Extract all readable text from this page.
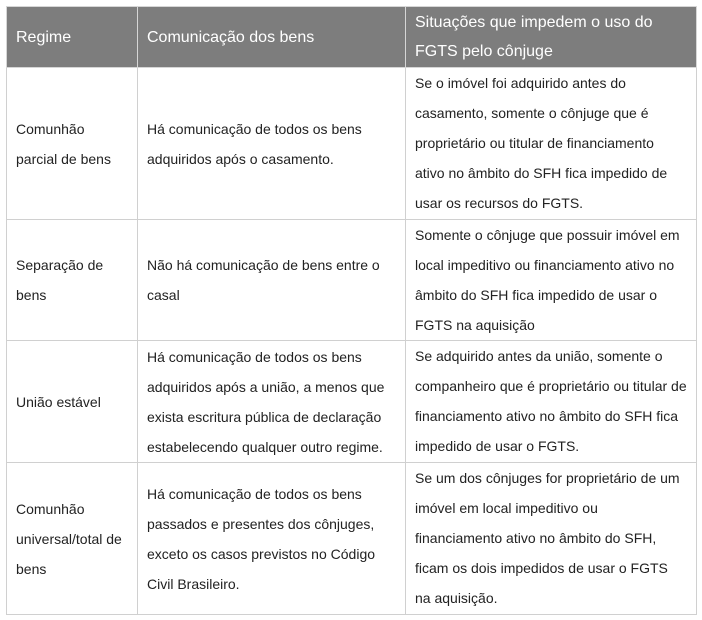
Regime	Comunicação dos bens	Situações que impedem o uso do FGTS pelo cônjuge
Comunhão parcial de bens	Há comunicação de todos os bens adquiridos após o casamento.	Se o imóvel foi adquirido antes do casamento, somente o cônjuge que é proprietário ou titular de financiamento ativo no âmbito do SFH fica impedido de usar os recursos do FGTS.
Separação de bens	Não há comunicação de bens entre o casal	Somente o cônjuge que possuir imóvel em local impeditivo ou financiamento ativo no âmbito do SFH fica impedido de usar o FGTS na aquisição
União estável	Há comunicação de todos os bens adquiridos após a união, a menos que exista escritura pública de declaração estabelecendo qualquer outro regime.	Se adquirido antes da união, somente o companheiro que é proprietário ou titular de financiamento ativo no âmbito do SFH fica impedido de usar o FGTS.
Comunhão universal/total de bens	Há comunicação de todos os bens passados e presentes dos cônjuges, exceto os casos previstos no Código Civil Brasileiro.	Se um dos cônjuges for proprietário de um imóvel em local impeditivo ou financiamento ativo no âmbito do SFH, ficam os dois impedidos de usar o FGTS na aquisição.
